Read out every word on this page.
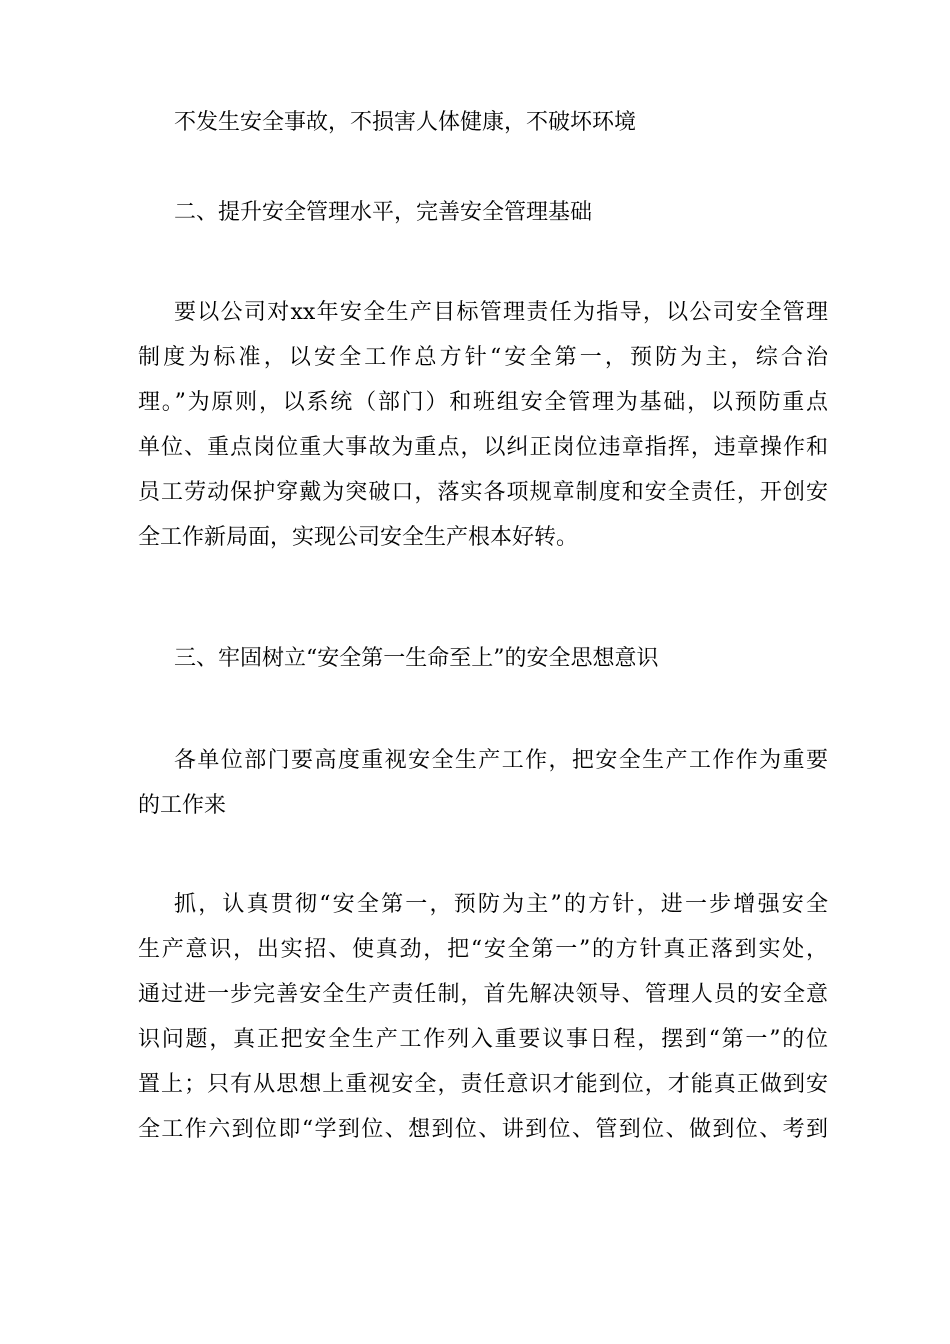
不发生安全事故，不损害人体健康，不破坏环境
二、提升安全管理水平，完善安全管理基础
要以公司对xx年安全生产目标管理责任为指导，以公司安全管理
制度为标准，以安全工作总方针“安全第一，预防为主，综合治
理。”为原则，以系统（部门）和班组安全管理为基础，以预防重点
单位、重点岗位重大事故为重点，以纠正岗位违章指挥，违章操作和
员工劳动保护穿戴为突破口，落实各项规章制度和安全责任，开创安
全工作新局面，实现公司安全生产根本好转。
三、牢固树立“安全第一生命至上”的安全思想意识
各单位部门要高度重视安全生产工作，把安全生产工作作为重要
的工作来
抓，认真贯彻“安全第一，预防为主”的方针，进一步增强安全
生产意识，出实招、使真劲，把“安全第一”的方针真正落到实处，
通过进一步完善安全生产责任制，首先解决领导、管理人员的安全意
识问题，真正把安全生产工作列入重要议事日程，摆到“第一”的位
置上；只有从思想上重视安全，责任意识才能到位，才能真正做到安
全工作六到位即“学到位、想到位、讲到位、管到位、做到位、考到
